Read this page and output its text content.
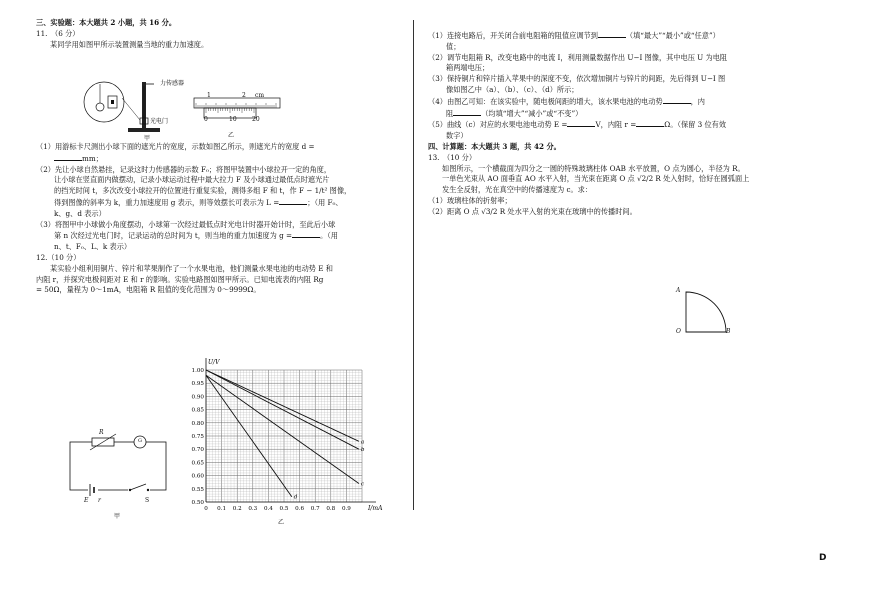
三、实验题：本大题共 2 小题，共 16 分。

11.　（6 分）

某同学用如图甲所示装置测量当地的重力加速度。

力传感器
光电门
甲	乙
1	2 cm
0	10	20

（1）用游标卡尺测出小球下面的遮光片的宽度，示数如图乙所示，则遮光片的宽度 d =

mm；

（2）先让小球自然悬挂，记录这时力传感器的示数 F₀；将图甲装置中小球拉开一定的角度，

让小球在竖直面内做摆动，记录小球运动过程中最大拉力 F 及小球通过最低点时遮光片

的挡光时间 t，多次改变小球拉开的位置进行重复实验，测得多组 F 和 t，作 F − 1/t² 图像，

得到图像的斜率为 k，重力加速度用 g 表示，则等效摆长可表示为 L =	；（用 F₀、

k、g、d 表示）

（3）将图甲中小球做小角度摆动，小球第一次经过最低点时光电计时器开始计时，至此后小球

第 n 次经过光电门时，记录运动的总时间为 t，则当地的重力加速度为 g =	。（用

n、t、F₀、L、k 表示）

12.（10 分）

某实验小组利用铜片、锌片和苹果制作了一个水果电池，他们测量水果电池的电动势 E 和

内阻 r，并探究电极间距对 E 和 r 的影响。实验电路图如图甲所示。已知电流表的内阻 Rg

= 50Ω，量程为 0～1mA，电阻箱 R 阻值的变化范围为 0～9999Ω。

R
G
E r	S
甲
0 0.1 0.2 0.3 0.4 0.5 0.6 0.7 0.8 0.9
1.00
0.95
0.90
0.85
0.80
0.75
0.70
0.65
0.60
0.55
0.50
I/mA
U/V
a
b
c
d
乙

（1）连接电路后，开关闭合前电阻箱的阻值应调节到	（填“最大”“最小”或“任意”）

值；

（2）调节电阻箱 R，改变电路中的电流 I，利用测量数据作出 U−I 图像，其中电压 U 为电阻

箱两端电压；

（3）保持铜片和锌片插入苹果中的深度不变，依次增加铜片与锌片的间距，先后得到 U−I 图

像如图乙中（a）、（b）、（c）、（d）所示；

（4）由图乙可知：在该实验中，随电极间距的增大，该水果电池的电动势	，内

阻	（均填“增大”“减小”或“不变”）

（5）曲线（c）对应的水果电池电动势 E =	V，内阻 r =	Ω。（保留 3 位有效

数字）

四、计算题：本大题共 3 题，共 42 分。

13.　（10 分）

如图所示，一个横截面为四分之一圆的特殊玻璃柱体 OAB 水平放置，O 点为圆心，半径为 R。

一单色光束从 AO 面垂直 AO 水平入射，当光束在距离 O 点 √2/2 R 处入射时，恰好在圆弧面上

发生全反射，光在真空中的传播速度为 c。求：

（1）玻璃柱体的折射率；

（2）距离 O 点 √3/2 R 处水平入射的光束在玻璃中的传播时间。

A
O	B
D
